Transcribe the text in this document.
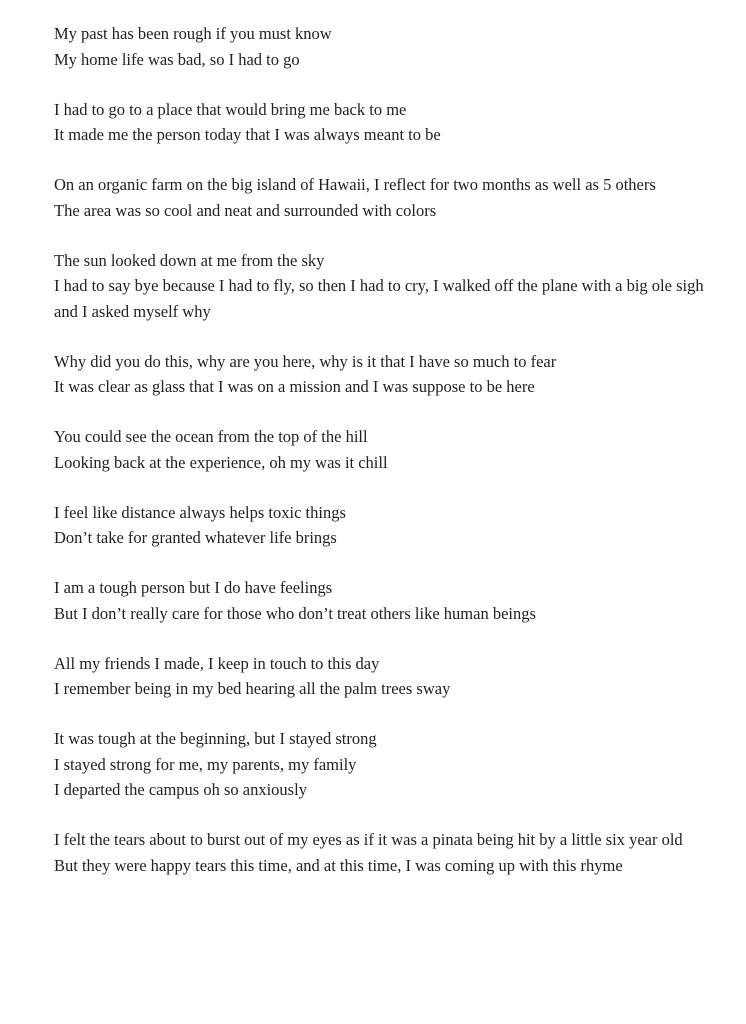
My past has been rough if you must know
My home life was bad, so I had to go
I had to go to a place that would bring me back to me
It made me the person today that I was always meant to be
On an organic farm on the big island of Hawaii, I reflect for two months as well as 5 others
The area was so cool and neat and surrounded with colors
The sun looked down at me from the sky
I had to say bye because I had to fly, so then I had to cry, I walked off the plane with a big ole sigh
and I asked myself why
Why did you do this, why are you here, why is it that I have so much to fear
It was clear as glass that I was on a mission and I was suppose to be here
You could see the ocean from the top of the hill
Looking back at the experience, oh my was it chill
I feel like distance always helps toxic things
Don’t take for granted whatever life brings
I am a tough person but I do have feelings
But I don’t really care for those who don’t treat others like human beings
All my friends I made, I keep in touch to this day
I remember being in my bed hearing all the palm trees sway
It was tough at the beginning, but I stayed strong
I stayed strong for me, my parents, my family
I departed the campus oh so anxiously
I felt the tears about to burst out of my eyes as if it was a pinata being hit by a little six year old
But they were happy tears this time, and at this time, I was coming up with this rhyme
